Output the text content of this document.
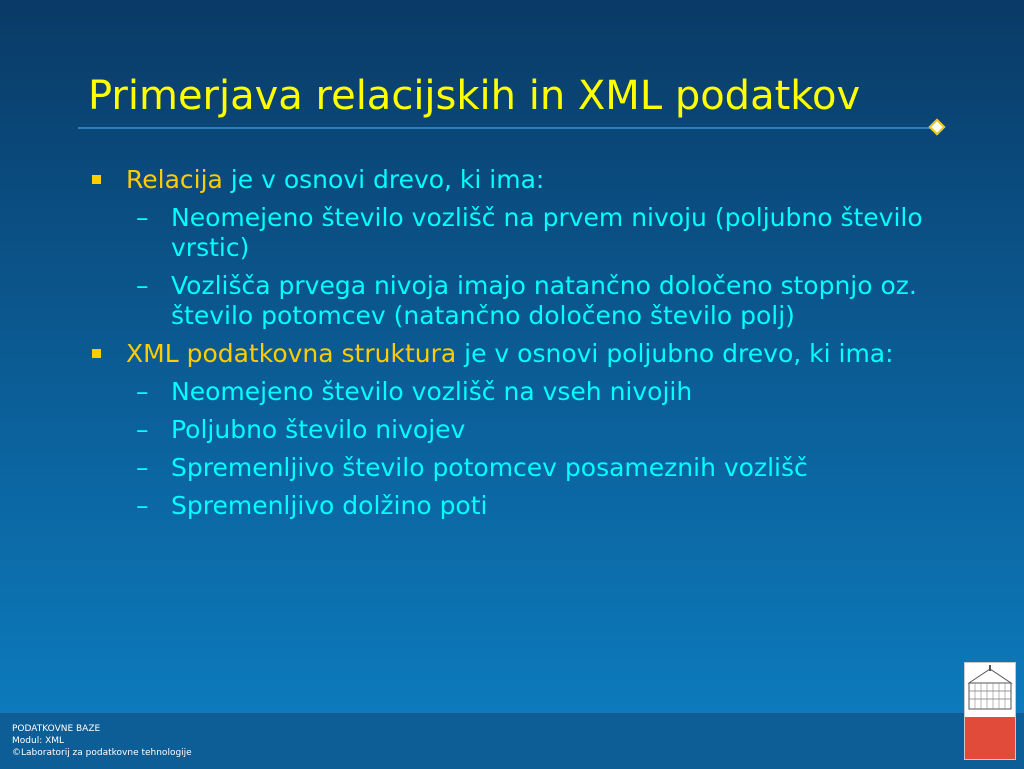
Primerjava relacijskih in XML podatkov
Relacija je v osnovi drevo, ki ima:
– Neomejeno število vozlišč na prvem nivoju (poljubno število vrstic)
– Vozlišča prvega nivoja imajo natančno določeno stopnjo oz. število potomcev (natančno določeno število polj)
XML podatkovna struktura je v osnovi poljubno drevo, ki ima:
– Neomejeno število vozlišč na vseh nivojih
– Poljubno število nivojev
– Spremenljivo število potomcev posameznih vozlišč
– Spremenljivo dolžino poti
PODATKOVNE BAZE
Modul: XML
©Laboratorij za podatkovne tehnologije
